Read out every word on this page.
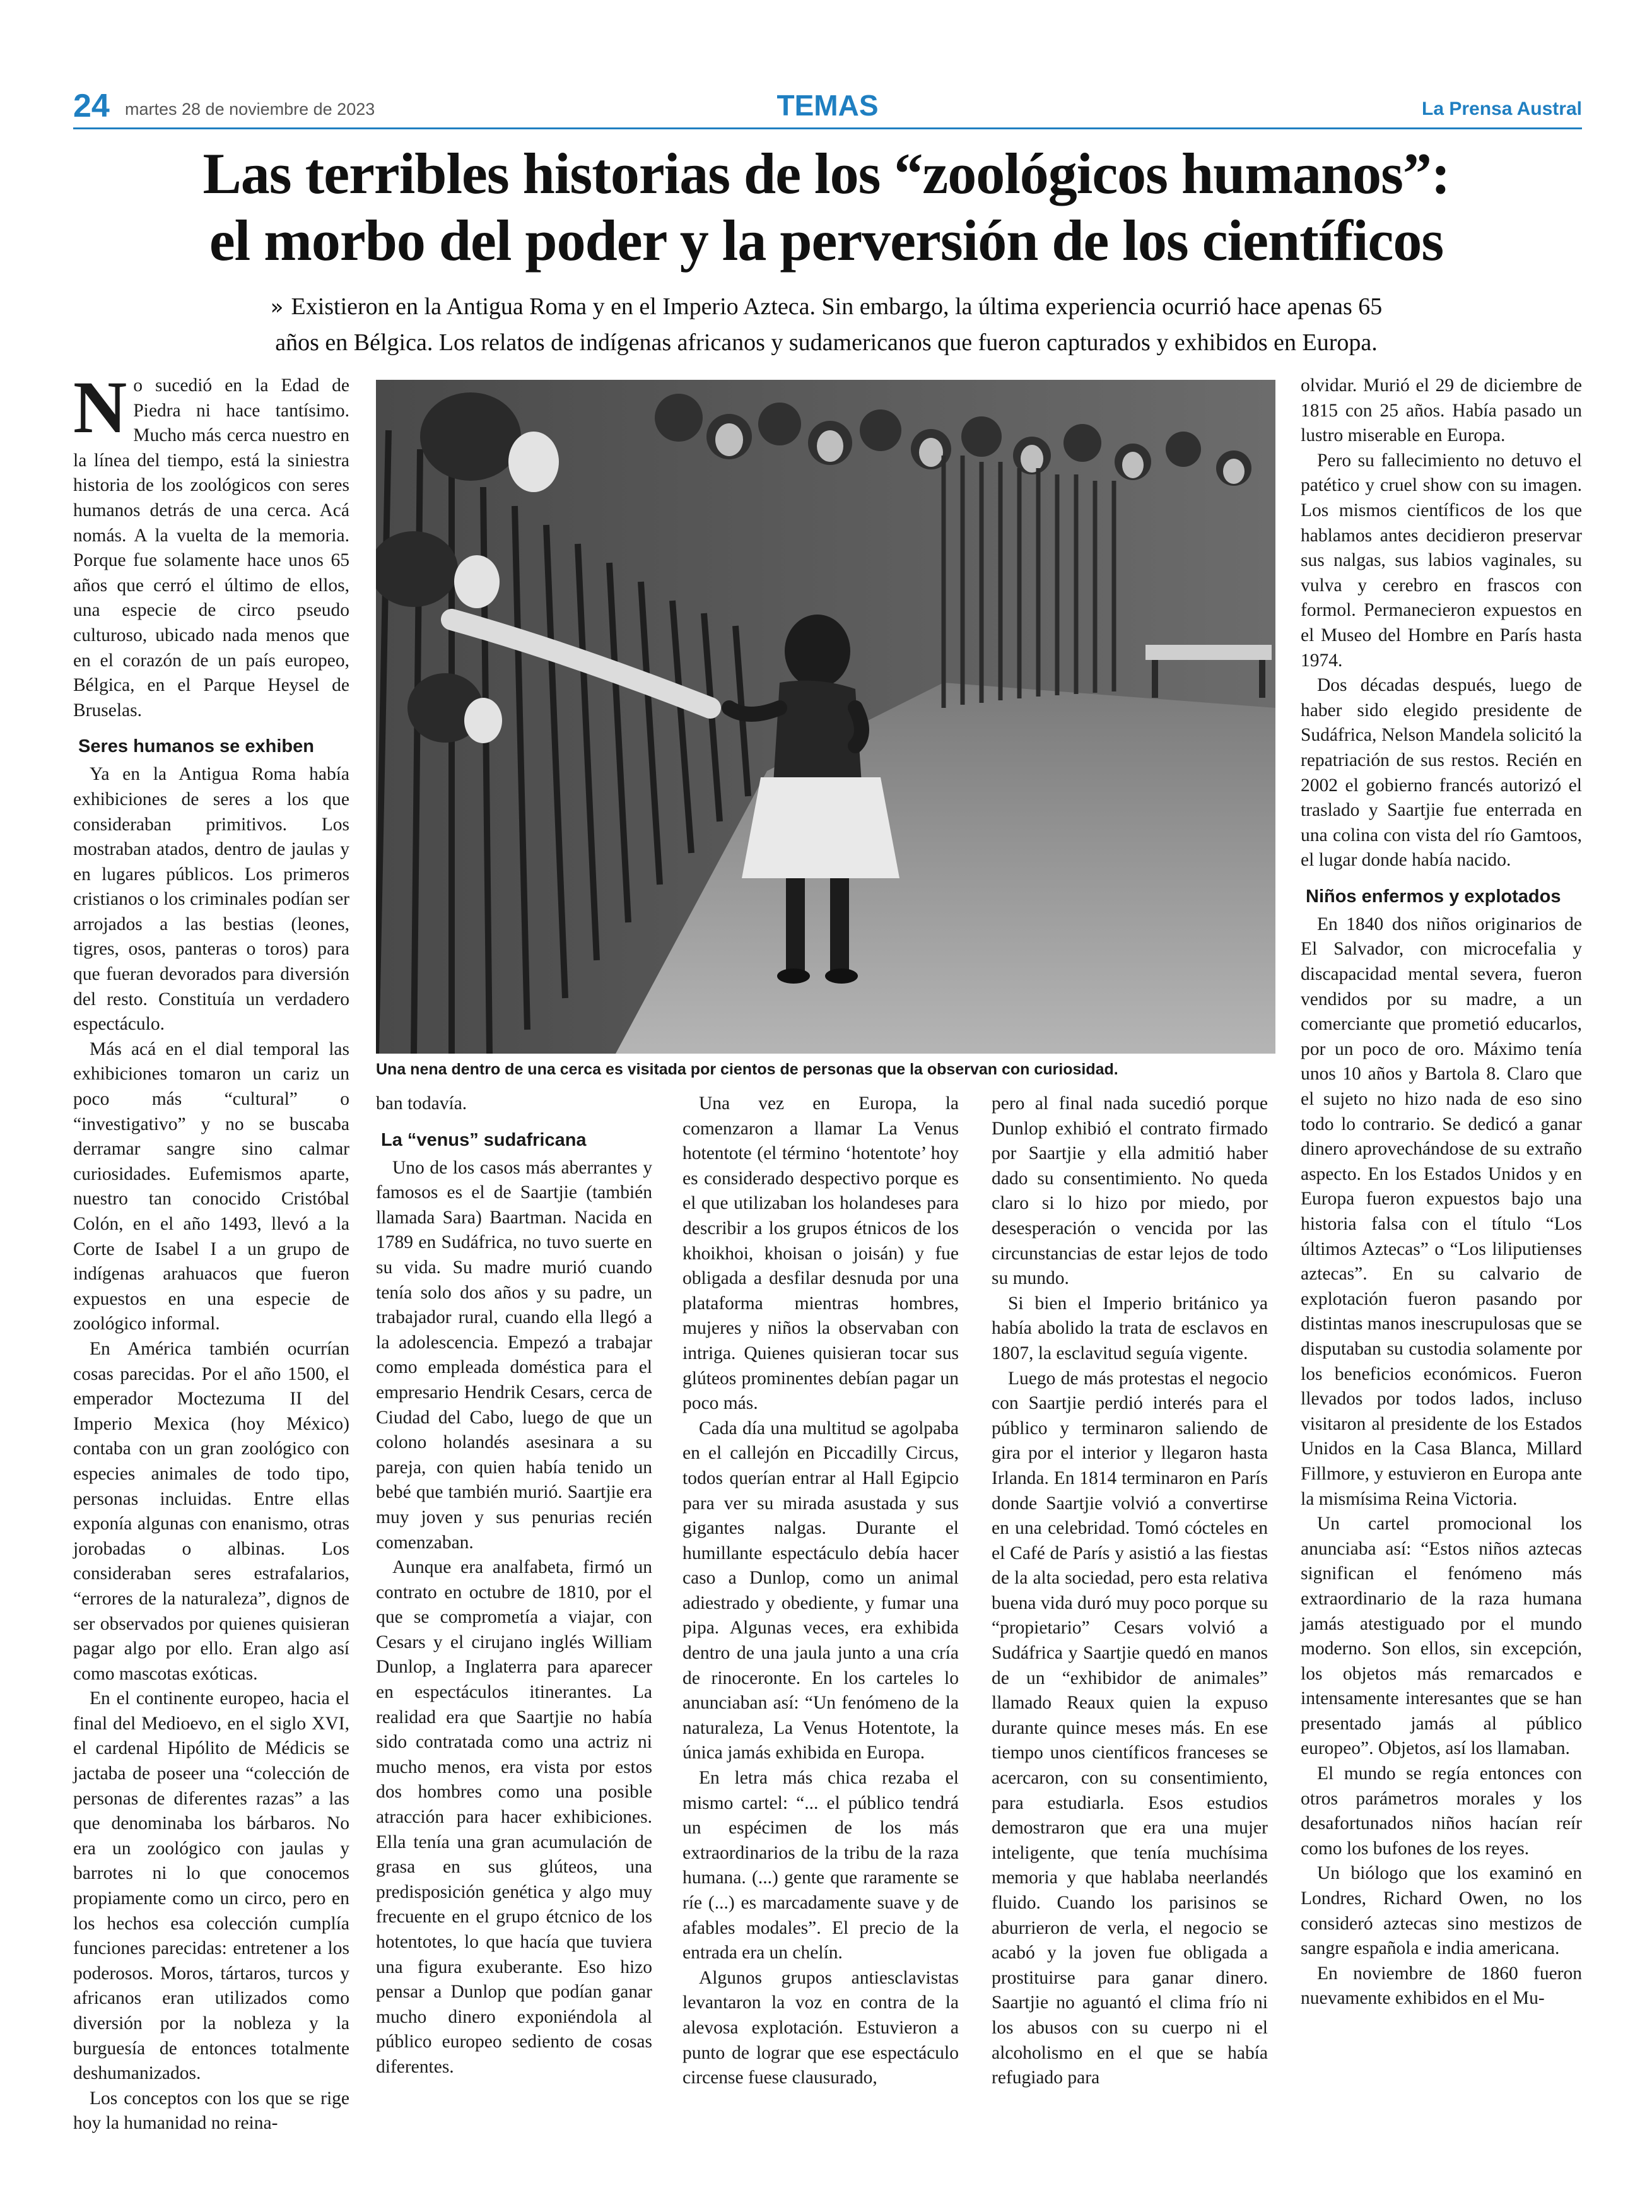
24 martes 28 de noviembre de 2023	TEMAS	La Prensa Austral
Las terribles historias de los “zoológicos humanos”:
el morbo del poder y la perversión de los científicos
» Existieron en la Antigua Roma y en el Imperio Azteca. Sin embargo, la última experiencia ocurrió hace apenas 65
años en Bélgica. Los relatos de indígenas africanos y sudamericanos que fueron capturados y exhibidos en Europa.

No sucedió en la Edad de Piedra ni hace tantísimo. Mucho más cerca nuestro en la línea del tiempo, está la siniestra historia de los zoológicos con seres humanos detrás de una cerca. Acá nomás. A la vuelta de la memoria. Porque fue solamente hace unos 65 años que cerró el último de ellos, una especie de circo pseudo culturoso, ubicado nada menos que en el corazón de un país europeo, Bélgica, en el Parque Heysel de Bruselas.

Seres humanos se exhiben

Ya en la Antigua Roma había exhibiciones de seres a los que consideraban primitivos. Los mostraban atados, dentro de jaulas y en lugares públicos. Los primeros cristianos o los criminales podían ser arrojados a las bestias (leones, tigres, osos, panteras o toros) para que fueran devorados para diversión del resto. Constituía un verdadero espectáculo.

Más acá en el dial temporal las exhibiciones tomaron un cariz un poco más “cultural” o “investigativo” y no se buscaba derramar sangre sino calmar curiosidades. Eufemismos aparte, nuestro tan conocido Cristóbal Colón, en el año 1493, llevó a la Corte de Isabel I a un grupo de indígenas arahuacos que fueron expuestos en una especie de zoológico informal.

En América también ocurrían cosas parecidas. Por el año 1500, el emperador Moctezuma II del Imperio Mexica (hoy México) contaba con un gran zoológico con especies animales de todo tipo, personas incluidas. Entre ellas exponía algunas con enanismo, otras jorobadas o albinas. Los consideraban seres estrafalarios, “errores de la naturaleza”, dignos de ser observados por quienes quisieran pagar algo por ello. Eran algo así como mascotas exóticas.

En el continente europeo, hacia el final del Medioevo, en el siglo XVI, el cardenal Hipólito de Médicis se jactaba de poseer una “colección de personas de diferentes razas” a las que denominaba los bárbaros. No era un zoológico con jaulas y barrotes ni lo que conocemos propiamente como un circo, pero en los hechos esa colección cumplía funciones parecidas: entretener a los poderosos. Moros, tártaros, turcos y africanos eran utilizados como diversión por la nobleza y la burguesía de entonces totalmente deshumanizados.

Los conceptos con los que se rige hoy la humanidad no reina-

Una nena dentro de una cerca es visitada por cientos de personas que la observan con curiosidad.

ban todavía.

La “venus” sudafricana

Uno de los casos más aberrantes y famosos es el de Saartjie (también llamada Sara) Baartman. Nacida en 1789 en Sudáfrica, no tuvo suerte en su vida. Su madre murió cuando tenía solo dos años y su padre, un trabajador rural, cuando ella llegó a la adolescencia. Empezó a trabajar como empleada doméstica para el empresario Hendrik Cesars, cerca de Ciudad del Cabo, luego de que un colono holandés asesinara a su pareja, con quien había tenido un bebé que también murió. Saartjie era muy joven y sus penurias recién comenzaban.

Aunque era analfabeta, firmó un contrato en octubre de 1810, por el que se comprometía a viajar, con Cesars y el cirujano inglés William Dunlop, a Inglaterra para aparecer en espectáculos itinerantes. La realidad era que Saartjie no había sido contratada como una actriz ni mucho menos, era vista por estos dos hombres como una posible atracción para hacer exhibiciones. Ella tenía una gran acumulación de grasa en sus glúteos, una predisposición genética y algo muy frecuente en el grupo étcnico de los hotentotes, lo que hacía que tuviera una figura exuberante. Eso hizo pensar a Dunlop que podían ganar mucho dinero exponiéndola al público europeo sediento de cosas diferentes.

Una vez en Europa, la comenzaron a llamar La Venus hotentote (el término ‘hotentote’ hoy es considerado despectivo porque es el que utilizaban los holandeses para describir a los grupos étnicos de los khoikhoi, khoisan o joisán) y fue obligada a desfilar desnuda por una plataforma mientras hombres, mujeres y niños la observaban con intriga. Quienes quisieran tocar sus glúteos prominentes debían pagar un poco más.

Cada día una multitud se agolpaba en el callejón en Piccadilly Circus, todos querían entrar al Hall Egipcio para ver su mirada asustada y sus gigantes nalgas. Durante el humillante espectáculo debía hacer caso a Dunlop, como un animal adiestrado y obediente, y fumar una pipa. Algunas veces, era exhibida dentro de una jaula junto a una cría de rinoceronte. En los carteles lo anunciaban así: “Un fenómeno de la naturaleza, La Venus Hotentote, la única jamás exhibida en Europa.

En letra más chica rezaba el mismo cartel: “... el público tendrá un espécimen de los más extraordinarios de la tribu de la raza humana. (...) gente que raramente se ríe (...) es marcadamente suave y de afables modales”. El precio de la entrada era un chelín.

Algunos grupos antiesclavistas levantaron la voz en contra de la alevosa explotación. Estuvieron a punto de lograr que ese espectáculo circense fuese clausurado,

pero al final nada sucedió porque Dunlop exhibió el contrato firmado por Saartjie y ella admitió haber dado su consentimiento. No queda claro si lo hizo por miedo, por desesperación o vencida por las circunstancias de estar lejos de todo su mundo.

Si bien el Imperio británico ya había abolido la trata de esclavos en 1807, la esclavitud seguía vigente.

Luego de más protestas el negocio con Saartjie perdió interés para el público y terminaron saliendo de gira por el interior y llegaron hasta Irlanda. En 1814 terminaron en París donde Saartjie volvió a convertirse en una celebridad. Tomó cócteles en el Café de París y asistió a las fiestas de la alta sociedad, pero esta relativa buena vida duró muy poco porque su “propietario” Cesars volvió a Sudáfrica y Saartjie quedó en manos de un “exhibidor de animales” llamado Reaux quien la expuso durante quince meses más. En ese tiempo unos científicos franceses se acercaron, con su consentimiento, para estudiarla. Esos estudios demostraron que era una mujer inteligente, que tenía muchísima memoria y que hablaba neerlandés fluido. Cuando los parisinos se aburrieron de verla, el negocio se acabó y la joven fue obligada a prostituirse para ganar dinero. Saartjie no aguantó el clima frío ni los abusos con su cuerpo ni el alcoholismo en el que se había refugiado para

olvidar. Murió el 29 de diciembre de 1815 con 25 años. Había pasado un lustro miserable en Europa.

Pero su fallecimiento no detuvo el patético y cruel show con su imagen. Los mismos científicos de los que hablamos antes decidieron preservar sus nalgas, sus labios vaginales, su vulva y cerebro en frascos con formol. Permanecieron expuestos en el Museo del Hombre en París hasta 1974.

Dos décadas después, luego de haber sido elegido presidente de Sudáfrica, Nelson Mandela solicitó la repatriación de sus restos. Recién en 2002 el gobierno francés autorizó el traslado y Saartjie fue enterrada en una colina con vista del río Gamtoos, el lugar donde había nacido.

Niños enfermos y explotados

En 1840 dos niños originarios de El Salvador, con microcefalia y discapacidad mental severa, fueron vendidos por su madre, a un comerciante que prometió educarlos, por un poco de oro. Máximo tenía unos 10 años y Bartola 8. Claro que el sujeto no hizo nada de eso sino todo lo contrario. Se dedicó a ganar dinero aprovechándose de su extraño aspecto. En los Estados Unidos y en Europa fueron expuestos bajo una historia falsa con el título “Los últimos Aztecas” o “Los liliputienses aztecas”. En su calvario de explotación fueron pasando por distintas manos inescrupulosas que se disputaban su custodia solamente por los beneficios económicos. Fueron llevados por todos lados, incluso visitaron al presidente de los Estados Unidos en la Casa Blanca, Millard Fillmore, y estuvieron en Europa ante la mismísima Reina Victoria.

Un cartel promocional los anunciaba así: “Estos niños aztecas significan el fenómeno más extraordinario de la raza humana jamás atestiguado por el mundo moderno. Son ellos, sin excepción, los objetos más remarcados e intensamente interesantes que se han presentado jamás al público europeo”. Objetos, así los llamaban.

El mundo se regía entonces con otros parámetros morales y los desafortunados niños hacían reír como los bufones de los reyes.

Un biólogo que los examinó en Londres, Richard Owen, no los consideró aztecas sino mestizos de sangre española e india americana.

En noviembre de 1860 fueron nuevamente exhibidos en el Mu-
